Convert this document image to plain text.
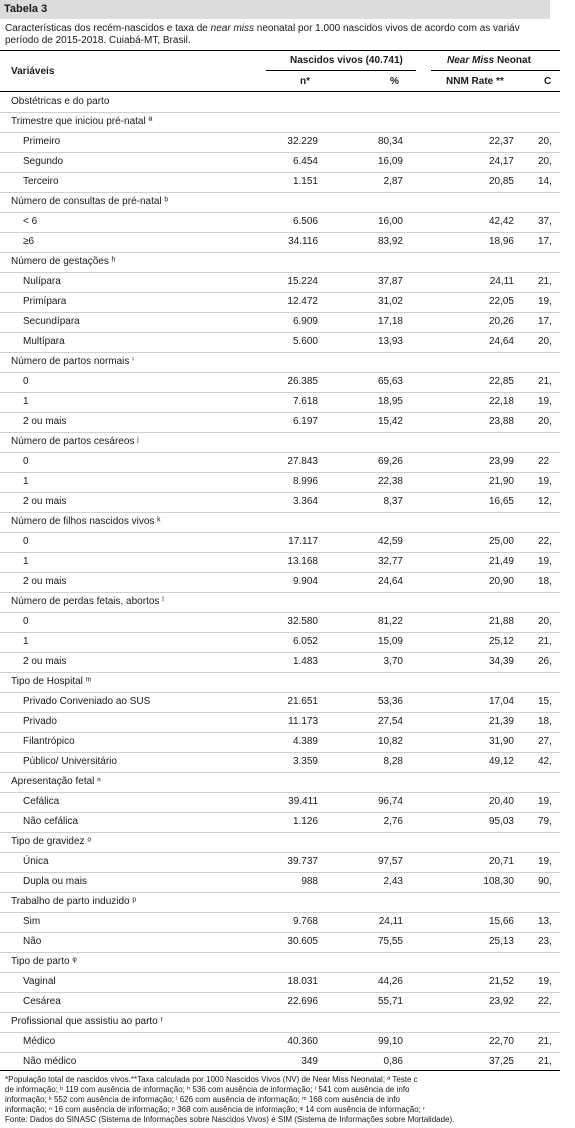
Tabela 3
Características dos recém-nascidos e taxa de near miss neonatal por 1.000 nascidos vivos de acordo com as variáv
período de 2015-2018. Cuiabá-MT, Brasil.
Variáveis
Nascidos vivos (40.741)	Near Miss Neonat
n*	%	NNM Rate **	C
Obstétricas e do parto
Trimestre que iniciou pré-natal ª
Primeiro	32.229	80,34	22,37 20,
Segundo	6.454	16,09	24,17 20,
Terceiro	1.151	2,87	20,85 14,
Número de consultas de pré-natal ᵇ
< 6	6.506	16,00	42,42 37,
≥6	34.116	83,92	18,96 17,
Número de gestações ʰ
Nulípara	15.224	37,87	24,11 21,
Primípara	12.472	31,02	22,05 19,
Secundípara	6.909	17,18	20,26 17,
Multípara	5.600	13,93	24,64 20,
Número de partos normais ⁱ
0	26.385	65,63	22,85 21,
1	7.618	18,95	22,18 19,
2 ou mais	6.197	15,42	23,88 20,
Número de partos cesáreos ʲ
0	27.843	69,26	23,99 22
1	8.996	22,38	21,90 19,
2 ou mais	3.364	8,37	16,65 12,
Número de filhos nascidos vivos ᵏ
0	17.117	42,59	25,00 22,
1	13.168	32,77	21,49 19,
2 ou mais	9.904	24,64	20,90 18,
Número de perdas fetais, abortos ˡ
0	32.580	81,22	21,88 20,
1	6.052	15,09	25,12 21,
2 ou mais	1.483	3,70	34,39 26,
Tipo de Hospital ᵐ
Privado Conveniado ao SUS	21.651	53,36	17,04 15,
Privado	11.173	27,54	21,39 18,
Filantrópico	4.389	10,82	31,90 27,
Público/ Universitário	3.359	8,28	49,12 42,
Apresentação fetal ⁿ
Cefálica	39.411	96,74	20,40 19,
Não cefálica	1.126	2,76	95,03 79,
Tipo de gravidez ᵒ
Única	39.737	97,57	20,71 19,
Dupla ou mais	988	2,43	108,30 90,
Trabalho de parto induzido ᵖ
Sim	9.768	24,11	15,66 13,
Não	30.605	75,55	25,13 23,
Tipo de parto ᵠ
Vaginal	18.031	44,26	21,52 19,
Cesárea	22.696	55,71	23,92 22,
Profissional que assistiu ao parto ʳ
Médico	40.360	99,10	22,70 21,
Não médico	349	0,86	37,25 21,
*População total de nascidos vivos.**Taxa calculada por 1000 Nascidos Vivos (NV) de Near Miss Neonatal; ª Teste c
de informação; ᵇ 119 com ausência de informação; ʰ 536 com ausência de informação; ⁱ 541 com ausência de info
informação; ᵏ 552 com ausência de informação; ˡ 626 com ausência de informação; ᵐ 168 com ausência de info
informação; ⁿ 16 com ausência de informação; ᵖ 368 com ausência de informação; ᵠ 14 com ausência de informação; ʳ
Fonte: Dados do SINASC (Sistema de Informações sobre Nascidos Vivos) e SIM (Sistema de Informações sobre Mortalidade).
